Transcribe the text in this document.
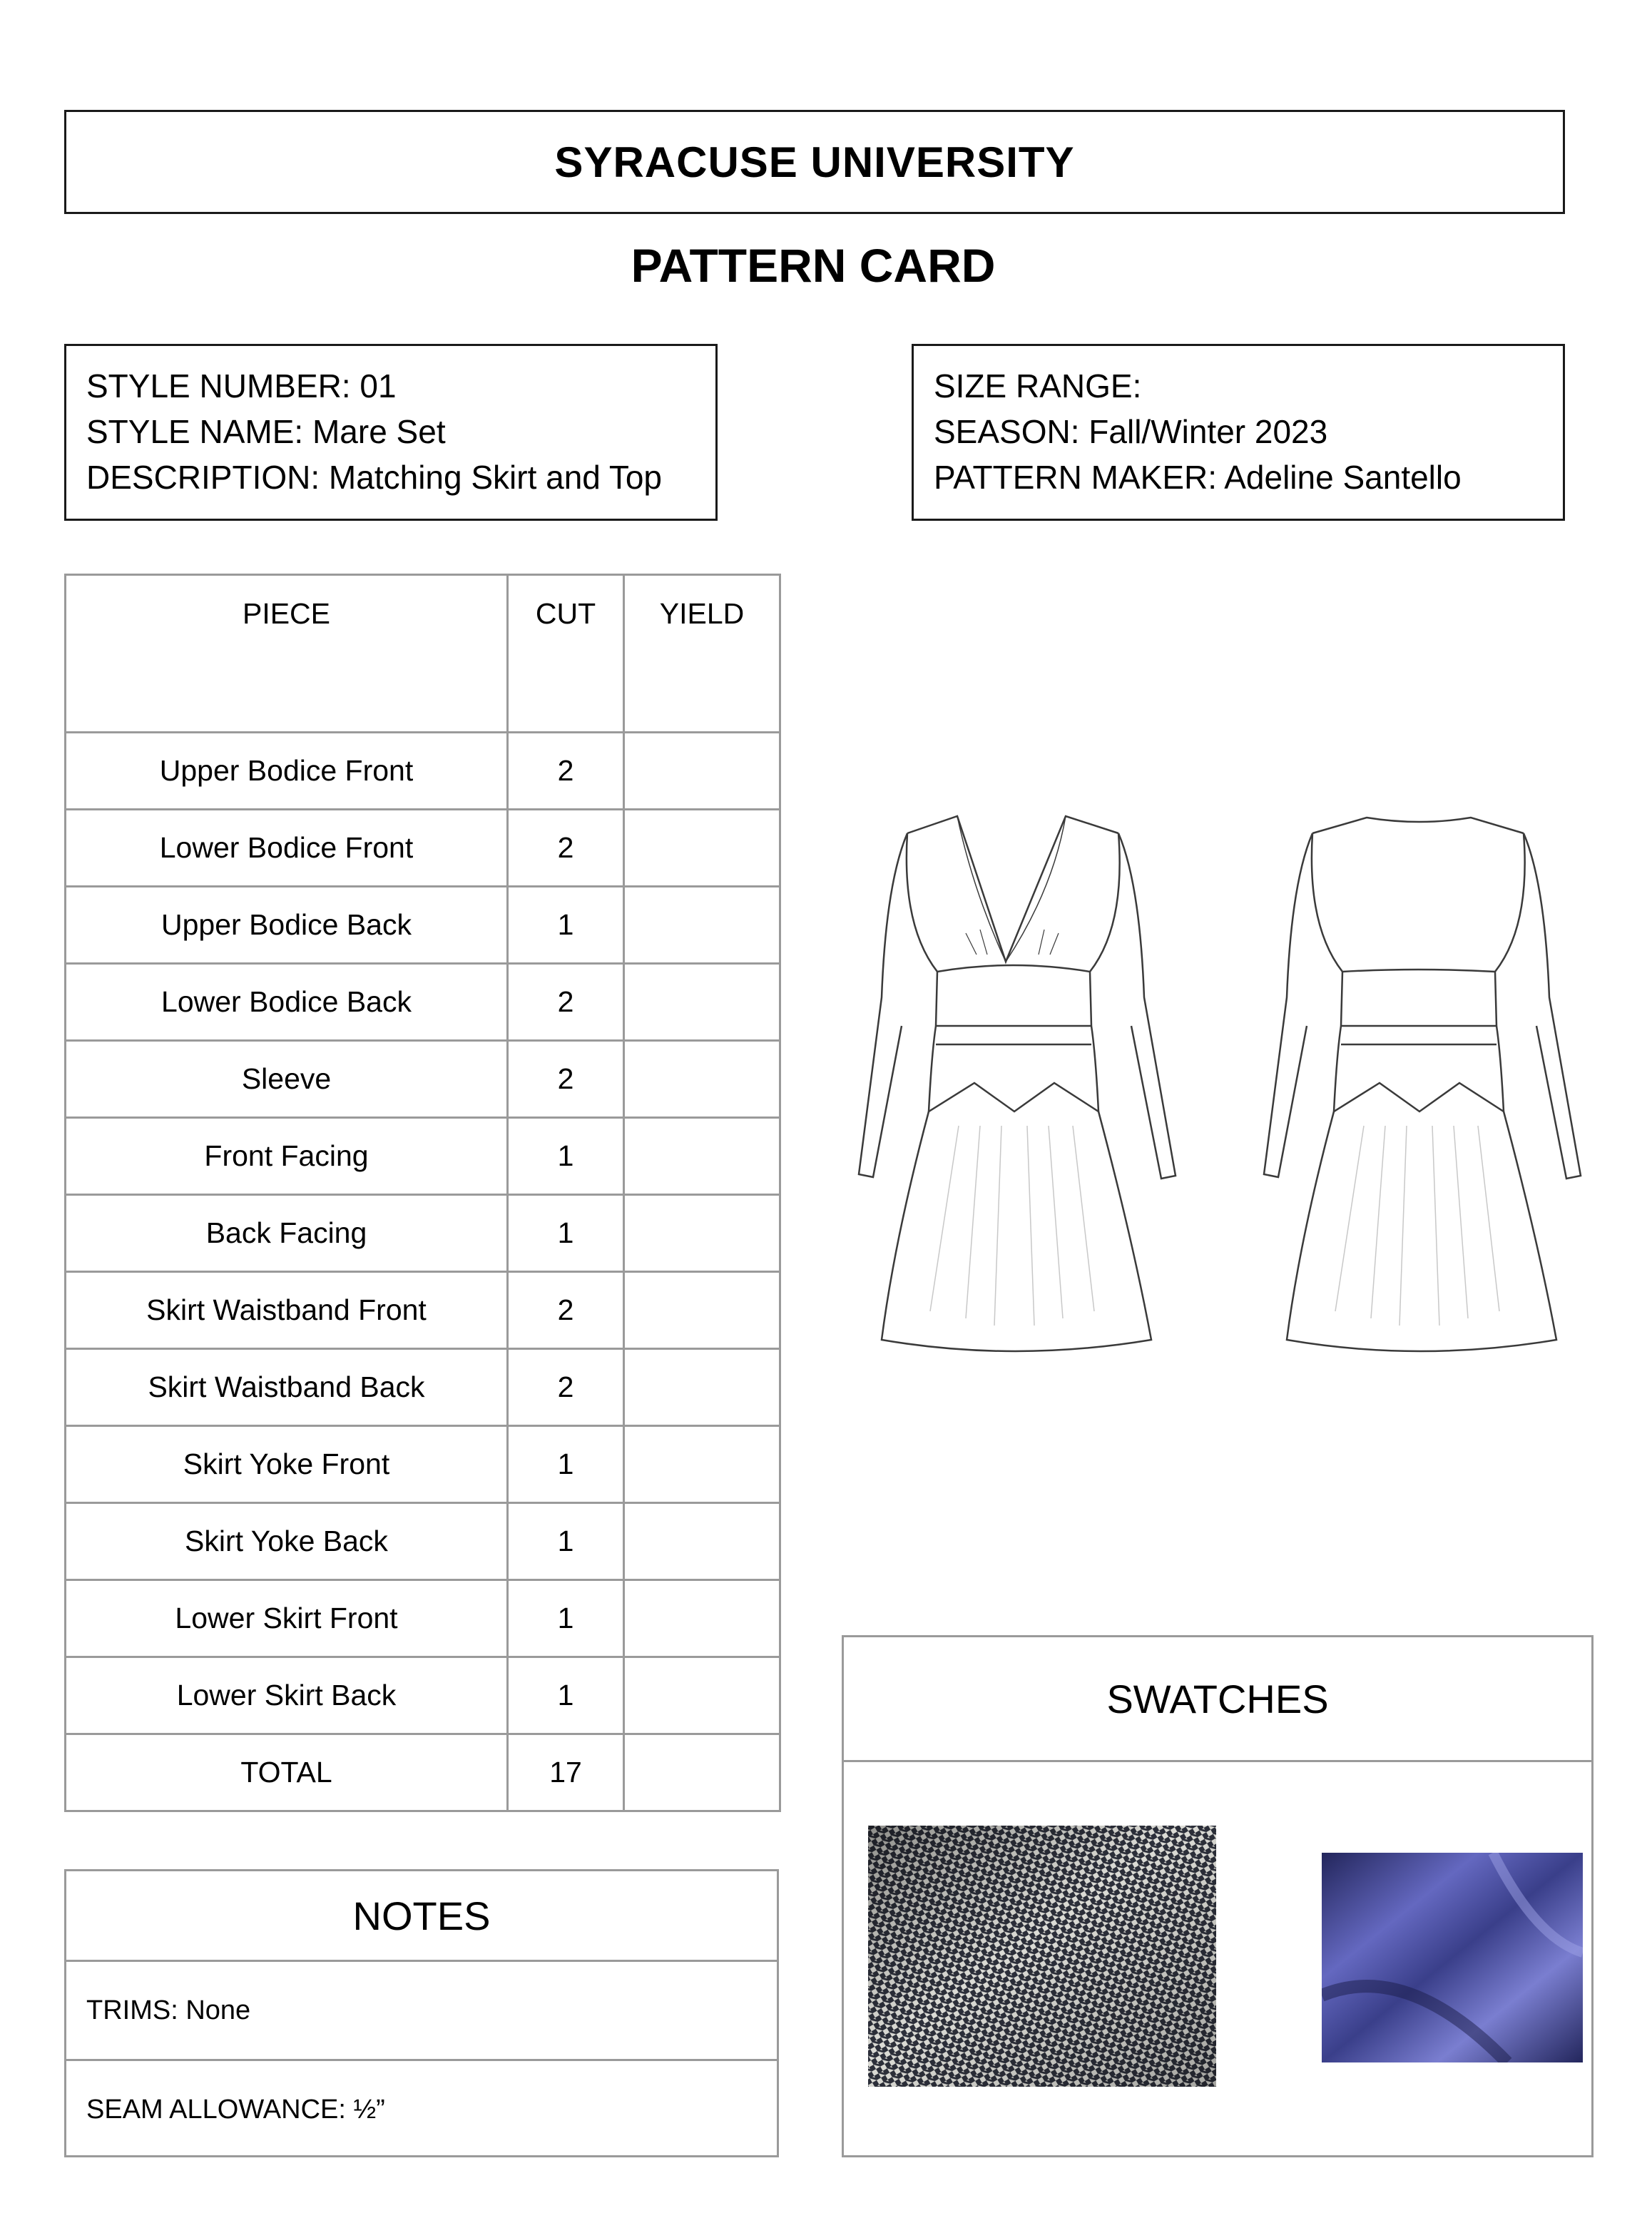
SYRACUSE UNIVERSITY
PATTERN CARD
STYLE NUMBER: 01
STYLE NAME: Mare Set
DESCRIPTION: Matching Skirt and Top
SIZE RANGE:
SEASON: Fall/Winter 2023
PATTERN MAKER: Adeline Santello
PIECE	CUT	YIELD
Upper Bodice Front	2	
Lower Bodice Front	2	
Upper Bodice Back	1	
Lower Bodice Back	2	
Sleeve	2	
Front Facing	1	
Back Facing	1	
Skirt Waistband Front	2	
Skirt Waistband Back	2	
Skirt Yoke Front	1	
Skirt Yoke Back	1	
Lower Skirt Front	1	
Lower Skirt Back	1	
TOTAL	17	
NOTES
TRIMS: None
SEAM ALLOWANCE: ½”
SWATCHES
